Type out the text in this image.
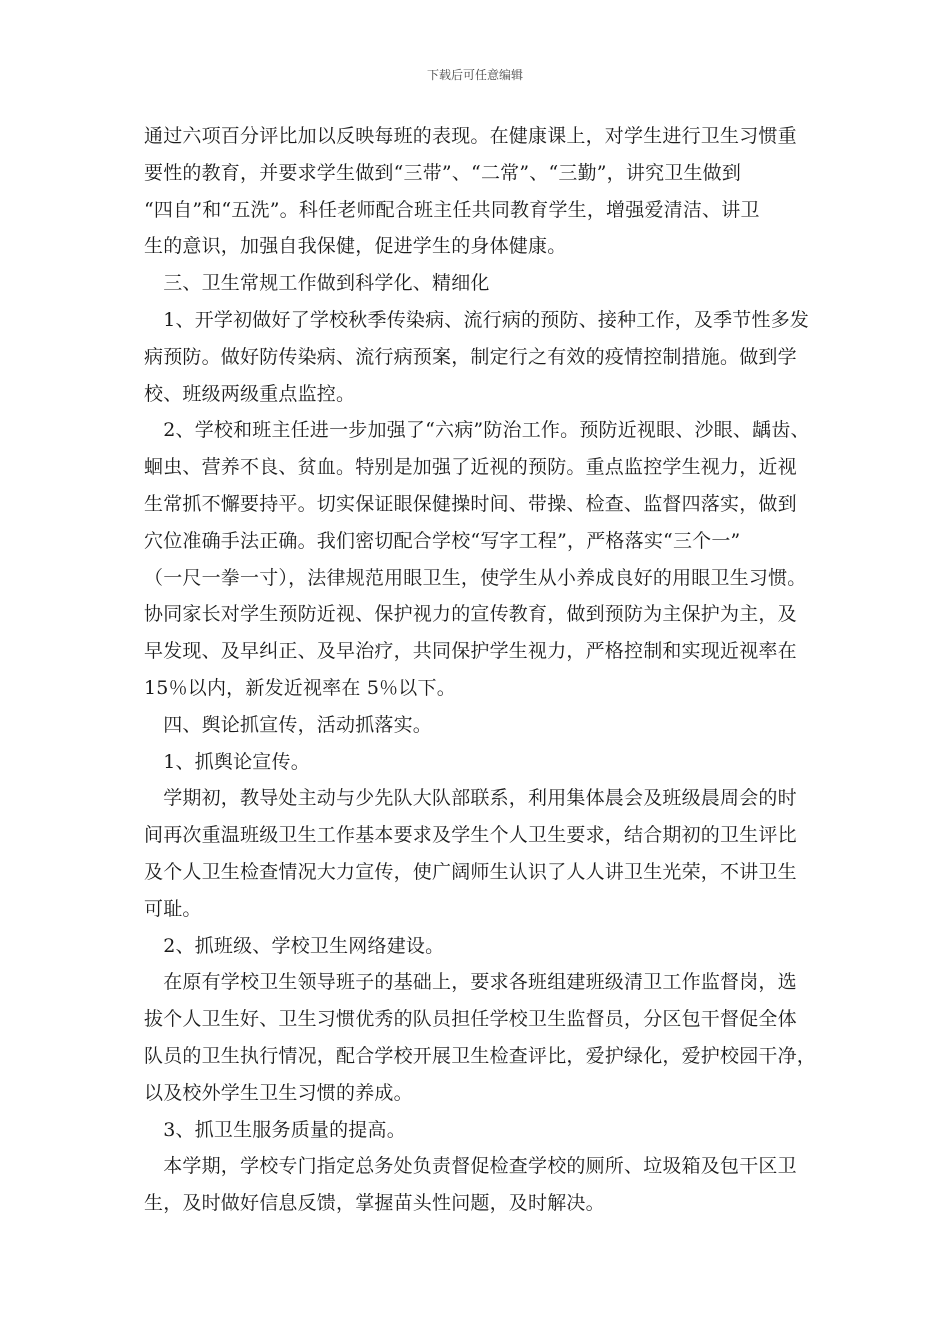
下载后可任意编辑
通过六项百分评比加以反映每班的表现。在健康课上，对学生进行卫生习惯重
要性的教育，并要求学生做到“三带”、“二常”、“三勤”，讲究卫生做到
“四自”和“五洗”。科任老师配合班主任共同教育学生，增强爱清洁、讲卫
生的意识，加强自我保健，促进学生的身体健康。
　三、卫生常规工作做到科学化、精细化
　1、开学初做好了学校秋季传染病、流行病的预防、接种工作，及季节性多发
病预防。做好防传染病、流行病预案，制定行之有效的疫情控制措施。做到学
校、班级两级重点监控。
　2、学校和班主任进一步加强了“六病”防治工作。预防近视眼、沙眼、龋齿、
蛔虫、营养不良、贫血。特别是加强了近视的预防。重点监控学生视力，近视
生常抓不懈要持平。切实保证眼保健操时间、带操、检查、监督四落实，做到
穴位准确手法正确。我们密切配合学校“写字工程”，严格落实“三个一”
（一尺一拳一寸），法律规范用眼卫生，使学生从小养成良好的用眼卫生习惯。
协同家长对学生预防近视、保护视力的宣传教育，做到预防为主保护为主，及
早发现、及早纠正、及早治疗，共同保护学生视力，严格控制和实现近视率在
15％以内，新发近视率在 5％以下。
　四、舆论抓宣传，活动抓落实。
　1、抓舆论宣传。
　学期初，教导处主动与少先队大队部联系，利用集体晨会及班级晨周会的时
间再次重温班级卫生工作基本要求及学生个人卫生要求，结合期初的卫生评比
及个人卫生检查情况大力宣传，使广阔师生认识了人人讲卫生光荣，不讲卫生
可耻。
　2、抓班级、学校卫生网络建设。
　在原有学校卫生领导班子的基础上，要求各班组建班级清卫工作监督岗，选
拔个人卫生好、卫生习惯优秀的队员担任学校卫生监督员，分区包干督促全体
队员的卫生执行情况，配合学校开展卫生检查评比，爱护绿化，爱护校园干净，
以及校外学生卫生习惯的养成。
　3、抓卫生服务质量的提高。
　本学期，学校专门指定总务处负责督促检查学校的厕所、垃圾箱及包干区卫
生，及时做好信息反馈，掌握苗头性问题，及时解决。
